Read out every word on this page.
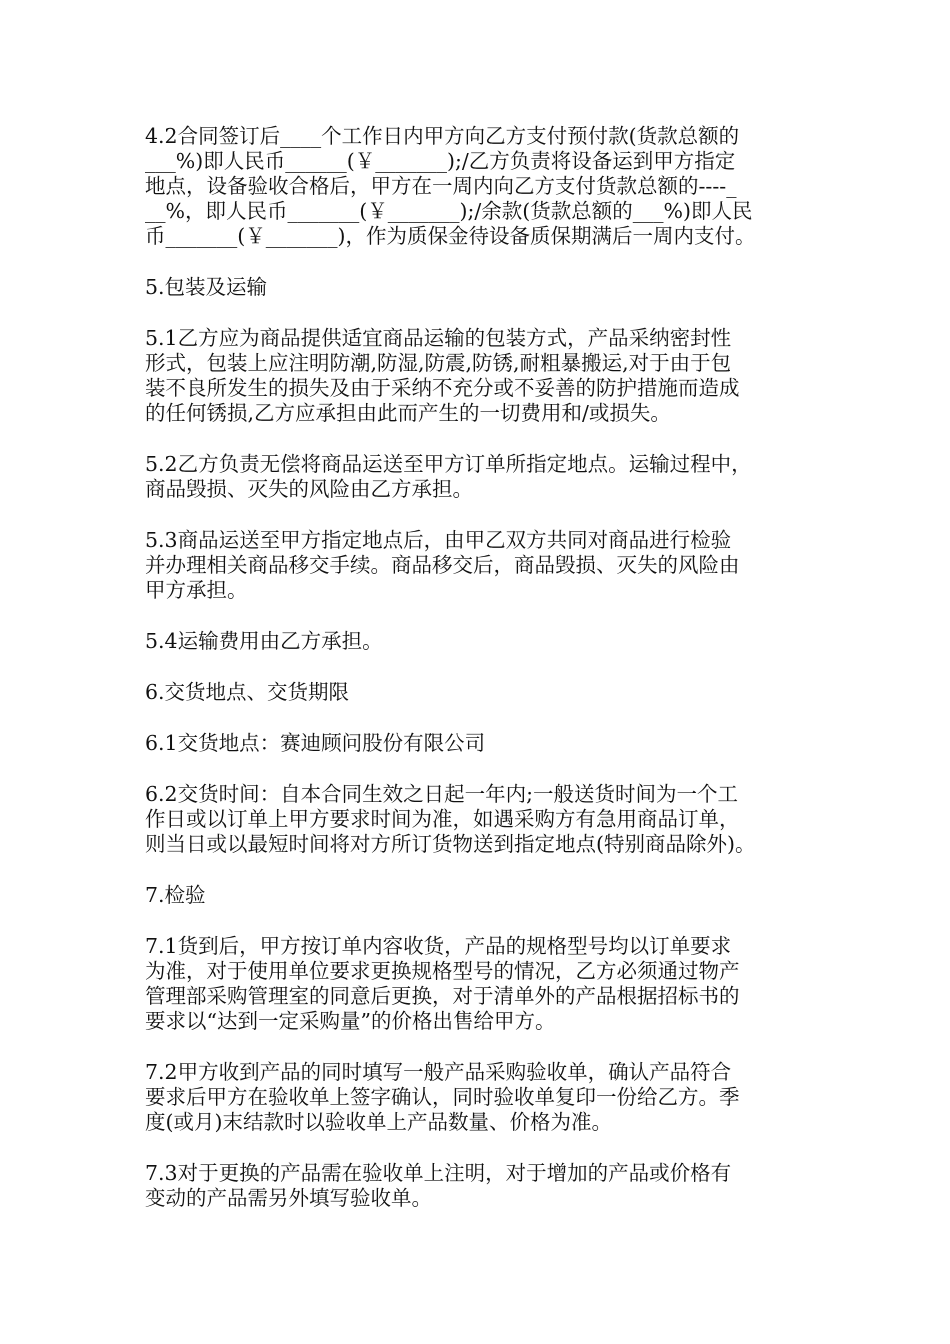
4.2合同签订后____个工作日内甲方向乙方支付预付款(货款总额的
___%)即人民币______(￥_______);/乙方负责将设备运到甲方指定
地点，设备验收合格后，甲方在一周内向乙方支付货款总额的----_
__%，即人民币_______(￥_______);/余款(货款总额的___%)即人民
币_______(￥_______)，作为质保金待设备质保期满后一周内支付。
5.包装及运输
5.1乙方应为商品提供适宜商品运输的包装方式，产品采纳密封性
形式，包装上应注明防潮,防湿,防震,防锈,耐粗暴搬运,对于由于包
装不良所发生的损失及由于采纳不充分或不妥善的防护措施而造成
的任何锈损,乙方应承担由此而产生的一切费用和/或损失。
5.2乙方负责无偿将商品运送至甲方订单所指定地点。运输过程中，
商品毁损、灭失的风险由乙方承担。
5.3商品运送至甲方指定地点后，由甲乙双方共同对商品进行检验
并办理相关商品移交手续。商品移交后，商品毁损、灭失的风险由
甲方承担。
5.4运输费用由乙方承担。
6.交货地点、交货期限
6.1交货地点：赛迪顾问股份有限公司
6.2交货时间：自本合同生效之日起一年内;一般送货时间为一个工
作日或以订单上甲方要求时间为准，如遇采购方有急用商品订单，
则当日或以最短时间将对方所订货物送到指定地点(特别商品除外)。
7.检验
7.1货到后，甲方按订单内容收货，产品的规格型号均以订单要求
为准，对于使用单位要求更换规格型号的情况，乙方必须通过物产
管理部采购管理室的同意后更换，对于清单外的产品根据招标书的
要求以“达到一定采购量”的价格出售给甲方。
7.2甲方收到产品的同时填写一般产品采购验收单，确认产品符合
要求后甲方在验收单上签字确认，同时验收单复印一份给乙方。季
度(或月)末结款时以验收单上产品数量、价格为准。
7.3对于更换的产品需在验收单上注明，对于增加的产品或价格有
变动的产品需另外填写验收单。
